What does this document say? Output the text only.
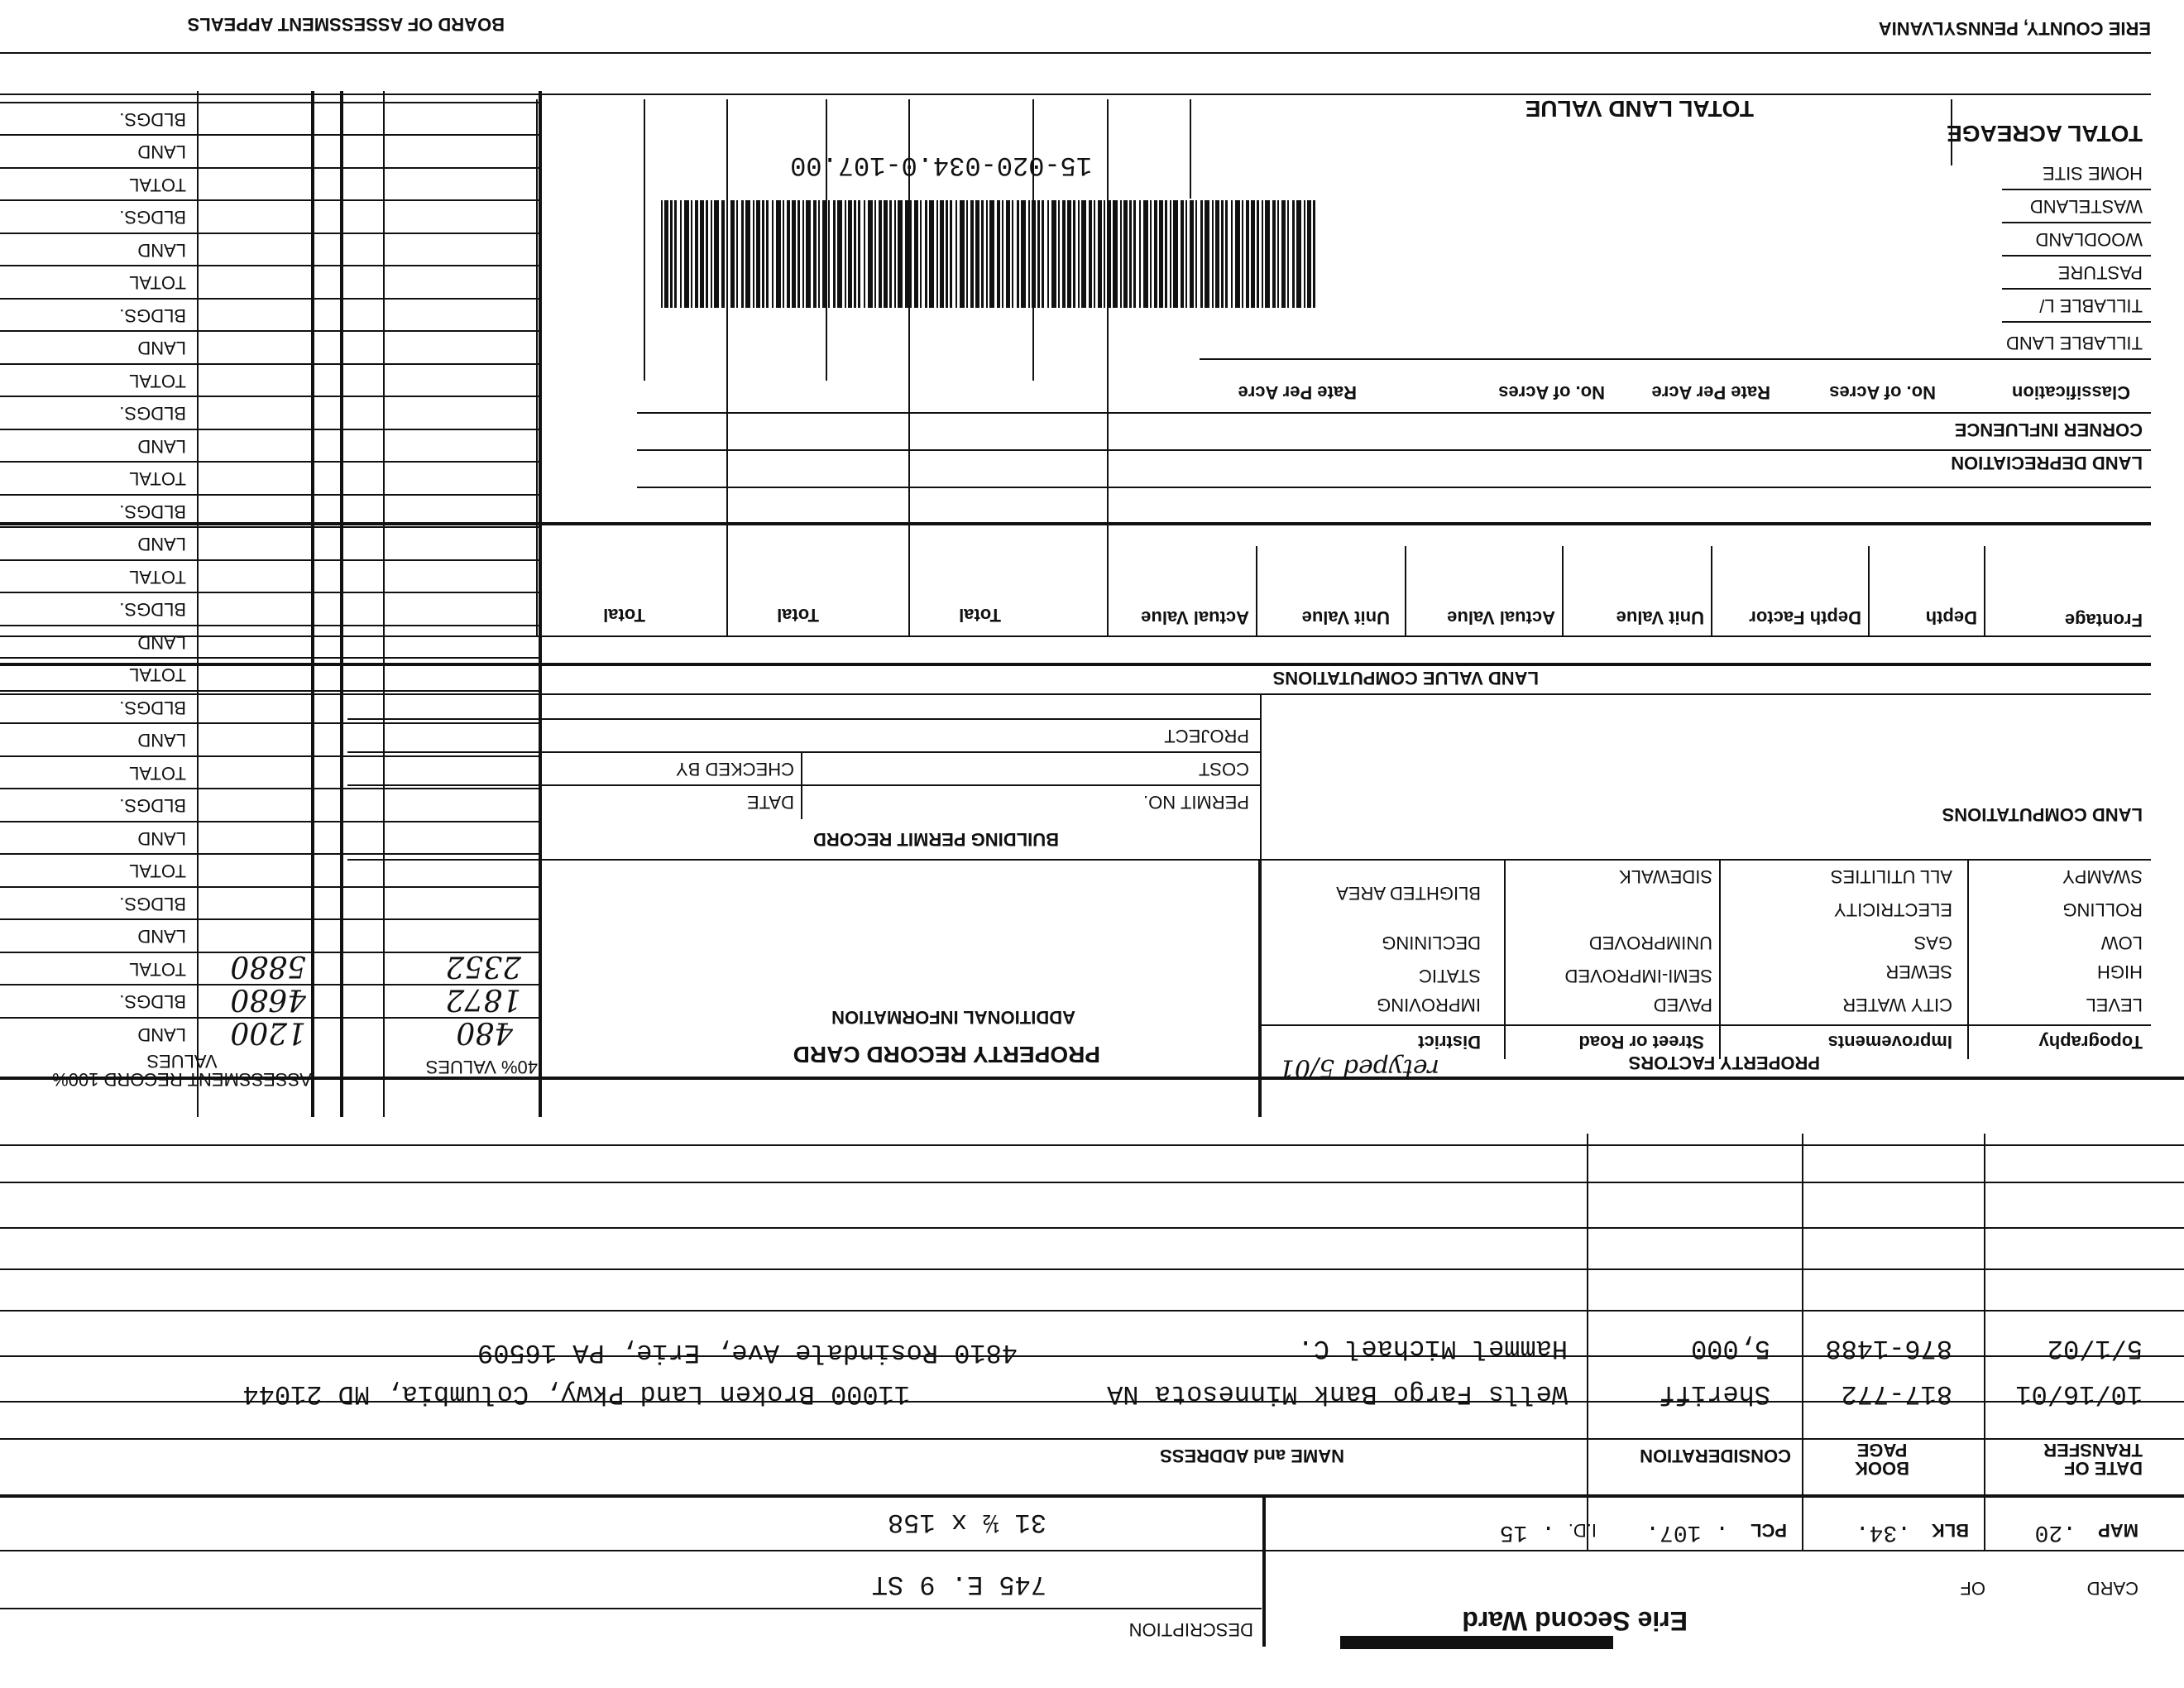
ERIE COUNTY, PENNSYLVANIA
BOARD OF ASSESSMENT APPEALS
TOTAL ACREAGE
TOTAL LAND VALUE
HOME SITE
WASTELAND
WOODLAND
PASTURE
TILLABLE L/
TILLABLE LAND
Classification
No. of Acres
Rate Per Acre
No. of Acres
Rate Per Acre
CORNER INFLUENCE
LAND DEPRECIATION
15-020-034.0-107.00
LAND VALUE COMPUTATIONS
Frontage
Depth
Depth Factor
Unit Value
Actual Value
Unit Value
Actual Value
Total
Total
Total
LAND COMPUTATIONS
BUILDING PERMIT RECORD
PERMIT NO.
COST
PROJECT
DATE
CHECKED BY
SWAMPY
ROLLING
LOW
HIGH
LEVEL
ALL UTILITIES
ELECTRICITY
GAS
SEWER
CITY WATER
SIDEWALK
UNIMPROVED
SEMI-IMPROVED
PAVED
BLIGHTED AREA
DECLINING
STATIC
IMPROVING
Topography
Improvements
Street or Road
District
PROPERTY FACTORS
retyped 5/01
PROPERTY RECORD CARD
ADDITIONAL INFORMATION
40% VALUES
ASSESSMENT RECORD 100% VALUES
LAND
BLDGS.
TOTAL
LAND
BLDGS.
TOTAL
LAND
BLDGS.
TOTAL
LAND
BLDGS.
TOTAL
LAND
BLDGS.
TOTAL
LAND
BLDGS.
TOTAL
LAND
BLDGS.
TOTAL
LAND
BLDGS.
TOTAL
LAND
BLDGS.
TOTAL
LAND
BLDGS.
480
1872
2352
1200
4680
5880
DATE OF TRANSFER
BOOK PAGE
CONSIDERATION
NAME and ADDRESS
10/16/01
817-772
Sheriff
Wells Fargo Bank Minnesota NA
11000 Broken Land Pkwy, Columbia, MD 21044
5/1/02
876-1488
5,000
Hammel Michael C.
4810 Rosindale Ave, Erie, PA 16509
MAP
.20
BLK
.34.
PCL
. 107.
I.D.
. 15
CARD
OF
Erie Second Ward
DESCRIPTION
745 E. 9 ST
31 ½ x 158
